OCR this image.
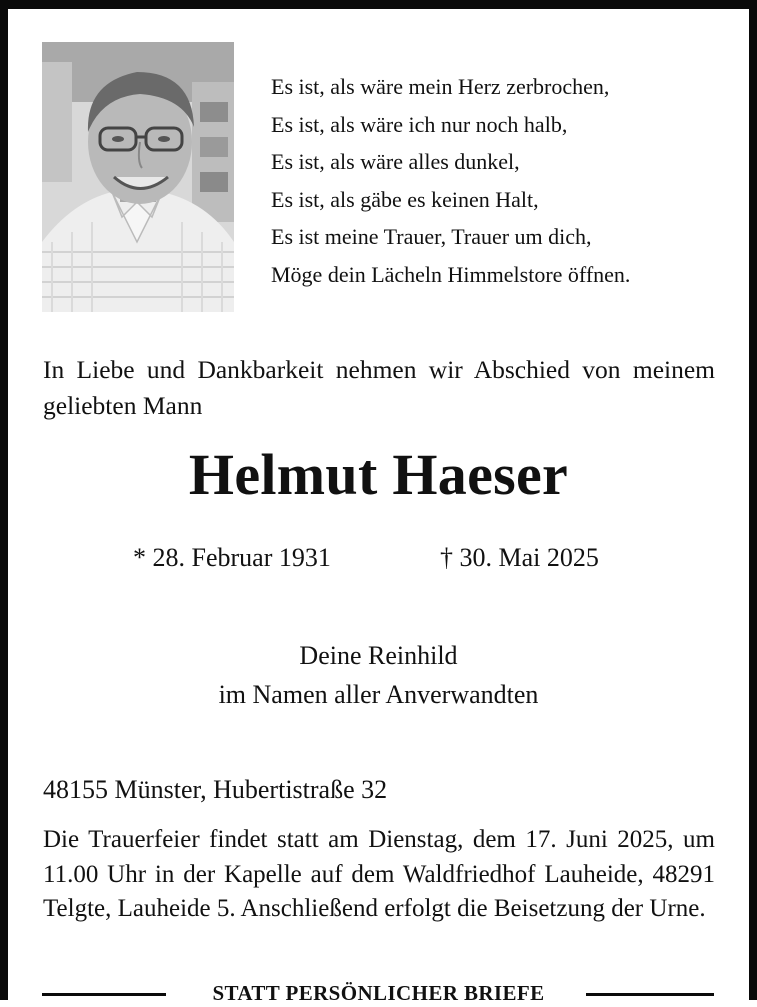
Es ist, als wäre mein Herz zerbrochen,
Es ist, als wäre ich nur noch halb,
Es ist, als wäre alles dunkel,
Es ist, als gäbe es keinen Halt,
Es ist meine Trauer, Trauer um dich,
Möge dein Lächeln Himmelstore öffnen.
In Liebe und Dankbarkeit nehmen wir Abschied von meinem geliebten Mann
Helmut Haeser
* 28. Februar 1931	† 30. Mai 2025
Deine Reinhild
im Namen aller Anverwandten
48155 Münster, Hubertistraße 32
Die Trauerfeier findet statt am Dienstag, dem 17. Juni 2025, um 11.00 Uhr in der Kapelle auf dem Waldfriedhof Lauheide, 48291 Telgte, Lauheide 5. Anschließend erfolgt die Beisetzung der Urne.
STATT PERSÖNLICHER BRIEFE
